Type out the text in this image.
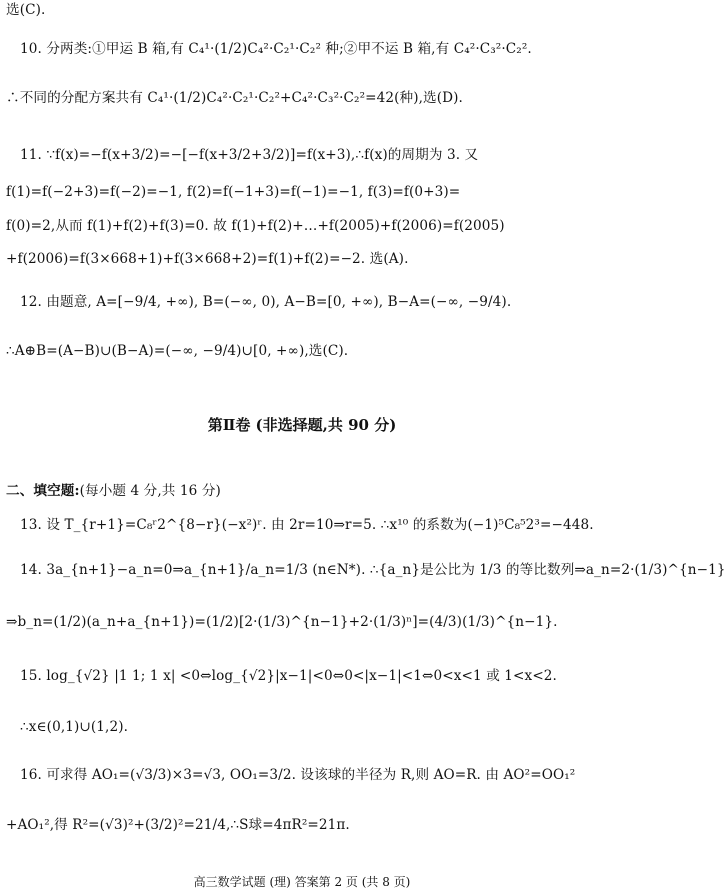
选(C).
10. 分两类:①甲运 B 箱,有 C₄¹·(1/2)C₄²·C₂¹·C₂² 种;②甲不运 B 箱,有 C₄²·C₃²·C₂².
∴不同的分配方案共有 C₄¹·(1/2)C₄²·C₂¹·C₂²+C₄²·C₃²·C₂²=42(种),选(D).
11. ∵f(x)=−f(x+3/2)=−[−f(x+3/2+3/2)]=f(x+3),∴f(x)的周期为 3. 又
f(1)=f(−2+3)=f(−2)=−1, f(2)=f(−1+3)=f(−1)=−1, f(3)=f(0+3)=
f(0)=2,从而 f(1)+f(2)+f(3)=0. 故 f(1)+f(2)+…+f(2005)+f(2006)=f(2005)
+f(2006)=f(3×668+1)+f(3×668+2)=f(1)+f(2)=−2. 选(A).
12. 由题意, A=[−9/4, +∞), B=(−∞, 0), A−B=[0, +∞), B−A=(−∞, −9/4).
∴A⊕B=(A−B)∪(B−A)=(−∞, −9/4)∪[0, +∞),选(C).
第Ⅱ卷 (非选择题,共 90 分)
二、填空题:(每小题 4 分,共 16 分)
13. 设 T_{r+1}=C₈ʳ2^{8−r}(−x²)ʳ. 由 2r=10⇒r=5. ∴x¹⁰ 的系数为(−1)⁵C₈⁵2³=−448.
14. 3a_{n+1}−a_n=0⇒a_{n+1}/a_n=1/3 (n∈N*). ∴{a_n}是公比为 1/3 的等比数列⇒a_n=2·(1/3)^{n−1}
⇒b_n=(1/2)(a_n+a_{n+1})=(1/2)[2·(1/3)^{n−1}+2·(1/3)ⁿ]=(4/3)(1/3)^{n−1}.
15. log_{√2} |1 1; 1 x| <0⇔log_{√2}|x−1|<0⇔0<|x−1|<1⇔0<x<1 或 1<x<2.
∴x∈(0,1)∪(1,2).
16. 可求得 AO₁=(√3/3)×3=√3, OO₁=3/2. 设该球的半径为 R,则 AO=R. 由 AO²=OO₁²
+AO₁²,得 R²=(√3)²+(3/2)²=21/4,∴S球=4πR²=21π.
高三数学试题 (理) 答案第 2 页 (共 8 页)
